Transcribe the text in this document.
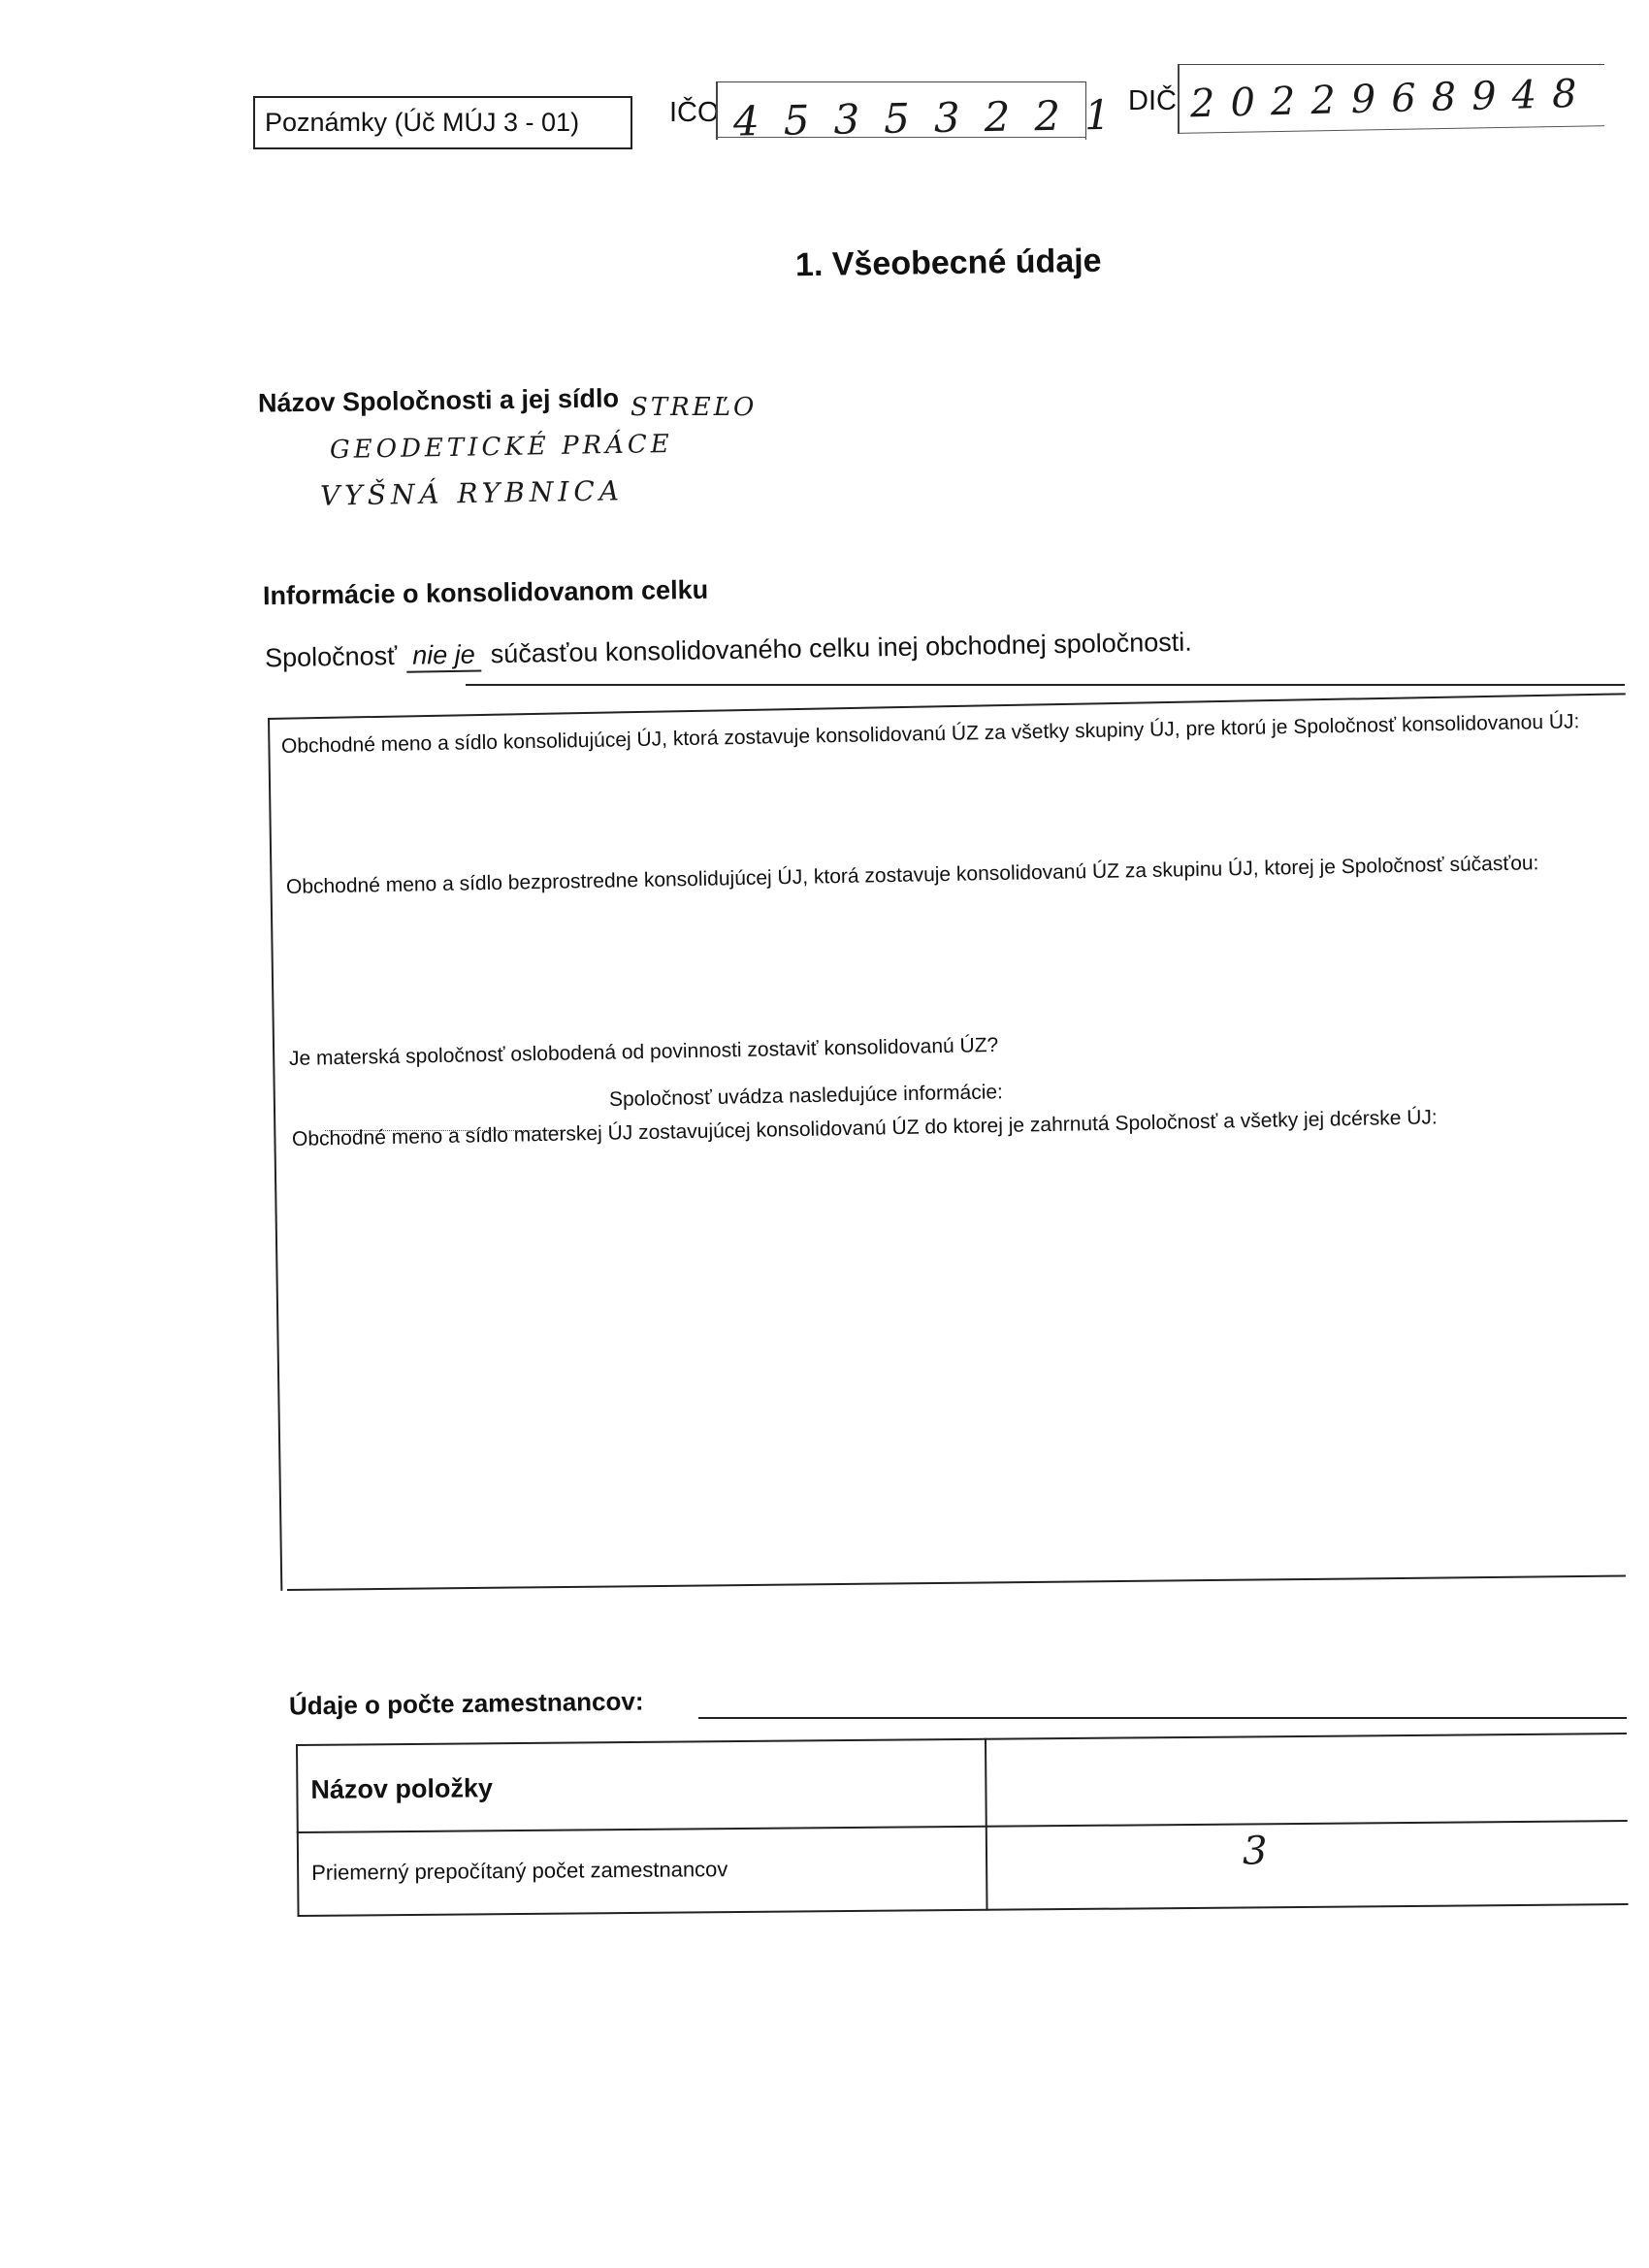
Poznámky (Úč MÚJ 3 - 01)	IČO 45353221
DIČ 2022968948
1. Všeobecné údaje
Názov Spoločnosti a jej sídlo STREĽO
GEODETICKÉ PRÁCE
VYŠNÁ RYBNICA
Informácie o konsolidovanom celku
Spoločnosť nie je súčasťou konsolidovaného celku inej obchodnej spoločnosti.
Obchodné meno a sídlo konsolidujúcej ÚJ, ktorá zostavuje konsolidovanú ÚZ za všetky skupiny ÚJ, pre ktorú je Spoločnosť konsolidovanou ÚJ:
Obchodné meno a sídlo bezprostredne konsolidujúcej ÚJ, ktorá zostavuje konsolidovanú ÚZ za skupinu ÚJ, ktorej je Spoločnosť súčasťou:
Je materská spoločnosť oslobodená od povinnosti zostaviť konsolidovanú ÚZ?
Spoločnosť uvádza nasledujúce informácie:
Obchodné meno a sídlo materskej ÚJ zostavujúcej konsolidovanú ÚZ do ktorej je zahrnutá Spoločnosť a všetky jej dcérske ÚJ:
Údaje o počte zamestnancov:
Názov položky
Priemerný prepočítaný počet zamestnancov	3
